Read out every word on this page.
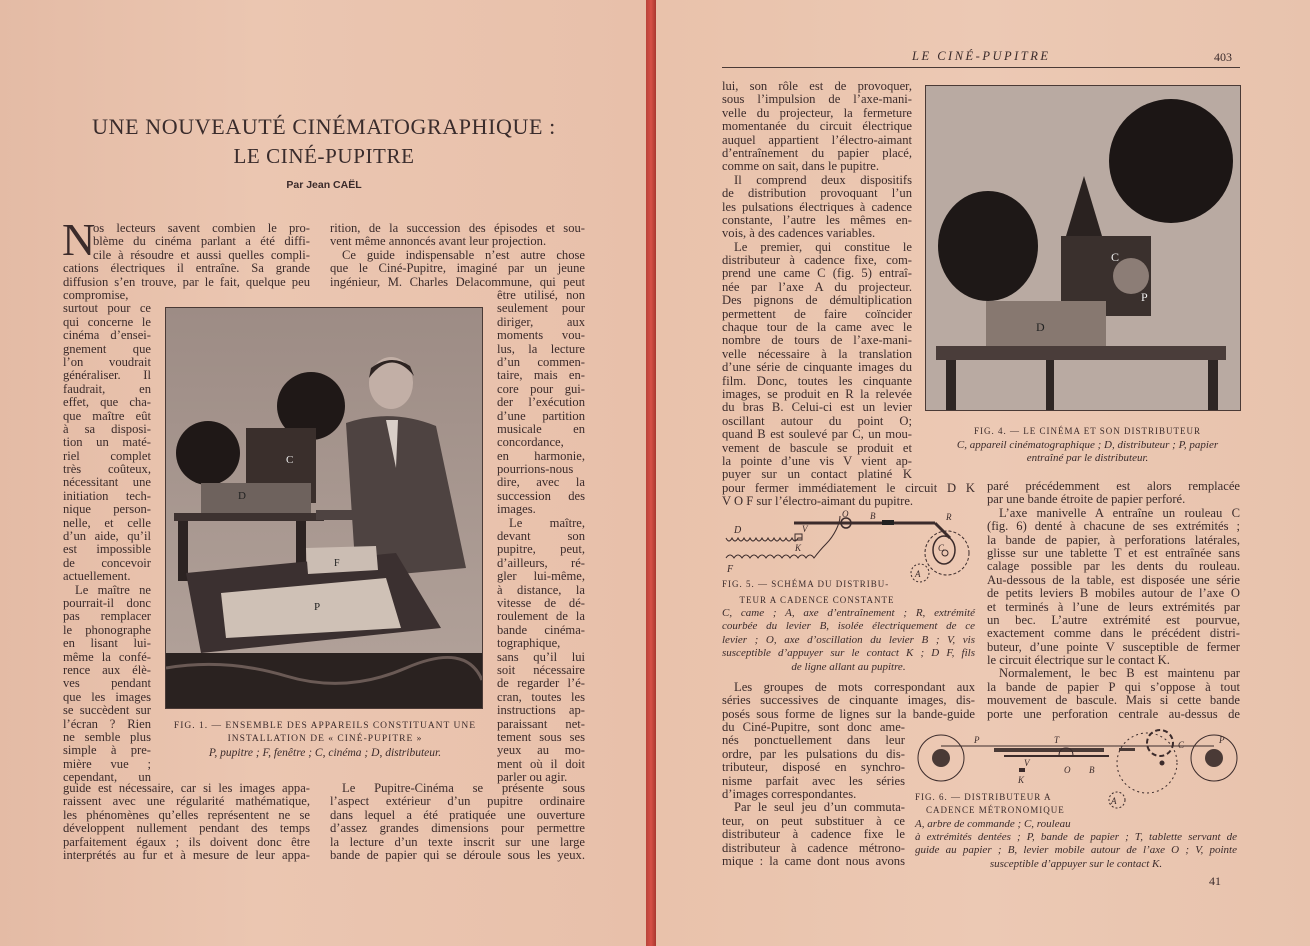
UNE NOUVEAUTÉ CINÉMATOGRAPHIQUE :
LE CINÉ-PUPITRE
Par Jean CAËL
N
os lecteurs savent combien le pro-
blème du cinéma parlant a été diffi-
cile à résoudre et aussi quelles compli-
cations électriques il entraîne. Sa grande
diffusion s’en trouve, par le fait, quelque peu
rition, de la succession des épisodes et sou-
vent même annoncés avant leur projection.
Ce guide indispensable n’est autre chose
que le Ciné-Pupitre, imaginé par un jeune
ingénieur, M. Charles Delacommune, qui peut
compromise,
surtout pour ce
qui concerne le
cinéma d’ensei-
gnement que
l’on voudrait
généraliser. Il
faudrait, en
effet, que cha-
que maître eût
à sa disposi-
tion un maté-
riel complet
très coûteux,
nécessitant une
initiation tech-
nique person-
nelle, et celle
d’un aide, qu’il
est impossible
de concevoir
actuellement.
Le maître ne
pourrait-il donc
pas remplacer
le phonographe
en lisant lui-
même la confé-
rence aux élè-
ves pendant
que les images
se succèdent sur
l’écran ? Rien
ne semble plus
simple à pre-
mière vue ;
cependant, un
être utilisé, non
seulement pour
diriger, aux
moments vou-
lus, la lecture
d’un commen-
taire, mais en-
core pour gui-
der l’exécution
d’une partition
musicale en
concordance,
en harmonie,
pourrions-nous
dire, avec la
succession des
images.
Le maître,
devant son
pupitre, peut,
d’ailleurs, ré-
gler lui-même,
à distance, la
vitesse de dé-
roulement de la
bande cinéma-
tographique,
sans qu’il lui
soit nécessaire
de regarder l’é-
cran, toutes les
instructions ap-
paraissant net-
tement sous ses
yeux au mo-
ment où il doit
parler ou agir.
guide est nécessaire, car si les images appa-
raissent avec une régularité mathématique,
les phénomènes qu’elles représentent ne se
développent nullement pendant des temps
parfaitement égaux ; ils doivent donc être
interprétés au fur et à mesure de leur appa-
Le Pupitre-Cinéma se présente sous
l’aspect extérieur d’un pupitre ordinaire
dans lequel a été pratiquée une ouverture
d’assez grandes dimensions pour permettre
la lecture d’un texte inscrit sur une large
bande de papier qui se déroule sous les yeux.
C
D
F
P
FIG. 1. — ENSEMBLE DES APPAREILS CONSTITUANT UNE
INSTALLATION DE « CINÉ-PUPITRE »
P, pupitre ; F, fenêtre ; C, cinéma ; D, distributeur.
LE CINÉ-PUPITRE	403
lui, son rôle est de provoquer,
sous l’impulsion de l’axe-mani-
velle du projecteur, la fermeture
momentanée du circuit électrique
auquel appartient l’électro-aimant
d’entraînement du papier placé,
comme on sait, dans le pupitre.
Il comprend deux dispositifs
de distribution provoquant l’un
les pulsations électriques à cadence
constante, l’autre les mêmes en-
vois, à des cadences variables.
Le premier, qui constitue le
distributeur à cadence fixe, com-
prend une came C (fig. 5) entraî-
née par l’axe A du projecteur.
Des pignons de démultiplication
permettent de faire coïncider
chaque tour de la came avec le
nombre de tours de l’axe-mani-
velle nécessaire à la translation
d’une série de cinquante images du
film. Donc, toutes les cinquante
images, se produit en R la relevée
du bras B. Celui-ci est un levier
oscillant autour du point O;
quand B est soulevé par C, un mou-
vement de bascule se produit et
la pointe d’une vis V vient ap-
puyer sur un contact platiné K
pour fermer immédiatement le circuit D K
V O F sur l’électro-aimant du pupitre.
C
D
P
FIG. 4. — LE CINÉMA ET SON DISTRIBUTEUR
C, appareil cinématographique ; D, distributeur ; P, papier
entraîné par le distributeur.
paré précédemment est alors remplacée
par une bande étroite de papier perforé.
L’axe manivelle A entraîne un rouleau C
(fig. 6) denté à chacune de ses extrémités ;
la bande de papier, à perforations latérales,
glisse sur une tablette T et est entraînée sans
calage possible par les dents du rouleau.
Au-dessous de la table, est disposée une série
de petits leviers B mobiles autour de l’axe O
et terminés à l’une de leurs extrémités par
un bec. L’autre extrémité est pourvue,
exactement comme dans le précédent distri-
buteur, d’une pointe V susceptible de fermer
le circuit électrique sur le contact K.
Normalement, le bec B est maintenu par
la bande de papier P qui s’oppose à tout
mouvement de bascule. Mais si cette bande
porte une perforation centrale au-dessus de
D
F
V
K
O B	R
C
A
FIG. 5. — SCHÉMA DU DISTRIBU-
TEUR A CADENCE CONSTANTE
C, came ; A, axe d’entraînement ; R, extrémité
courbée du levier B, isolée électriquement de ce
levier ; O, axe d’oscillation du levier B ; V, vis
susceptible d’appuyer sur le contact K ; D F, fils
de ligne allant au pupitre.
Les groupes de mots correspondant aux
séries successives de cinquante images, dis-
posés sous forme de lignes sur la bande-guide
du Ciné-Pupitre, sont donc ame-
nés ponctuellement dans leur
ordre, par les pulsations du dis-
tributeur, disposé en synchro-
nisme parfait avec les séries
d’images correspondantes.
Par le seul jeu d’un commuta-
teur, on peut substituer à ce
distributeur à cadence fixe le
distributeur à cadence métrono-
mique : la came dont nous avons
P	T	P
V
K
O B
C
A
FIG. 6. — DISTRIBUTEUR A
CADENCE MÉTRONOMIQUE
A, arbre de commande ; C, rouleau
à extrémités dentées ; P, bande de papier ; T, tablette servant de
guide au papier ; B, levier mobile autour de l’axe O ; V, pointe
susceptible d’appuyer sur le contact K.
41
